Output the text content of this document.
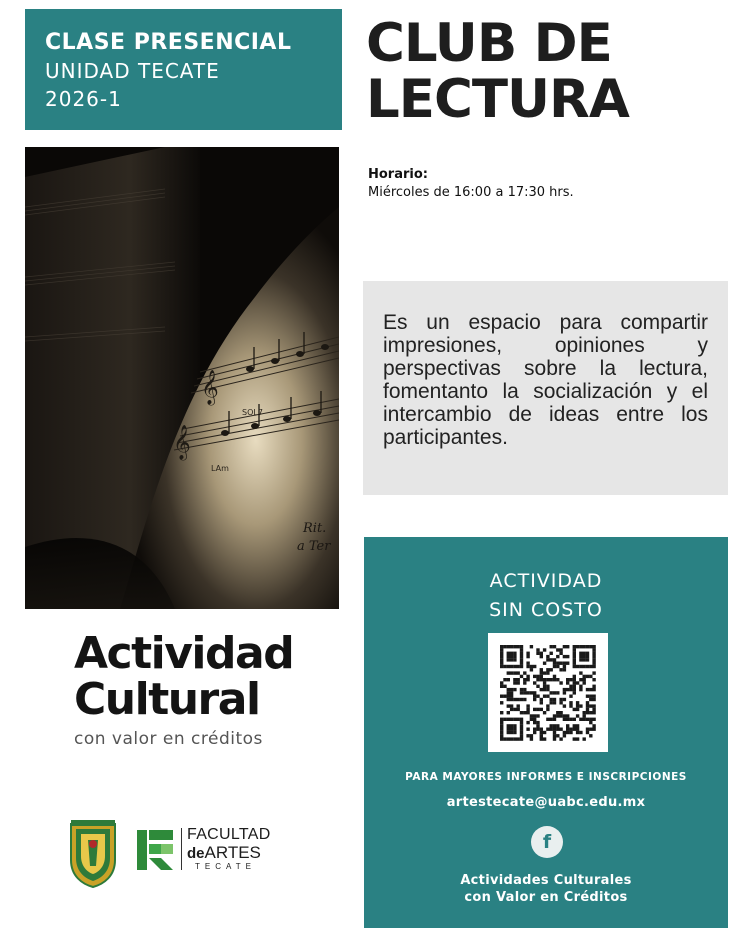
CLASE PRESENCIAL
UNIDAD TECATE
2026-1
CLUB DE
LECTURA
𝄞
𝄞
SOL7
LAm
Rit.
a Ter
Horario:
Miércoles de 16:00 a 17:30 hrs.

Es un espacio para compartir impresiones, opiniones y perspectivas sobre la lectura, fomentanto la socialización y el intercambio de ideas entre los participantes.

Actividad
Cultural
con valor en créditos
FACULTAD
deARTES
TECATE
ACTIVIDAD
SIN COSTO
PARA MAYORES INFORMES E INSCRIPCIONES
artestecate@uabc.edu.mx
f
Actividades Culturales
con Valor en Créditos
